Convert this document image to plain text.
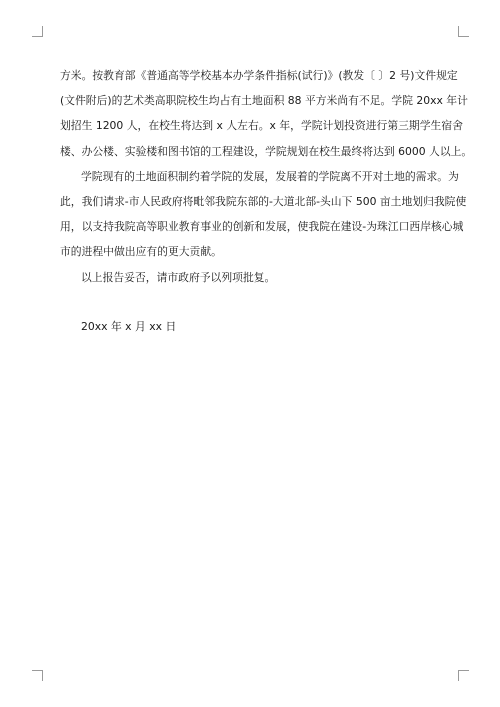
方米。按教育部《普通高等学校基本办学条件指标(试行)》(教发〔 〕2 号)文件规定
(文件附后)的艺术类高职院校生均占有土地面积 88 平方米尚有不足。学院 20xx 年计
划招生 1200 人，在校生将达到 x 人左右。x 年，学院计划投资进行第三期学生宿舍
楼、办公楼、实验楼和图书馆的工程建设，学院规划在校生最终将达到 6000 人以上。

学院现有的土地面积制约着学院的发展，发展着的学院离不开对土地的需求。为
此，我们请求-市人民政府将毗邻我院东部的-大道北部-头山下 500 亩土地划归我院使
用，以支持我院高等职业教育事业的创新和发展，使我院在建设-为珠江口西岸核心城
市的进程中做出应有的更大贡献。

以上报告妥否，请市政府予以列项批复。

20xx 年 x 月 xx 日
